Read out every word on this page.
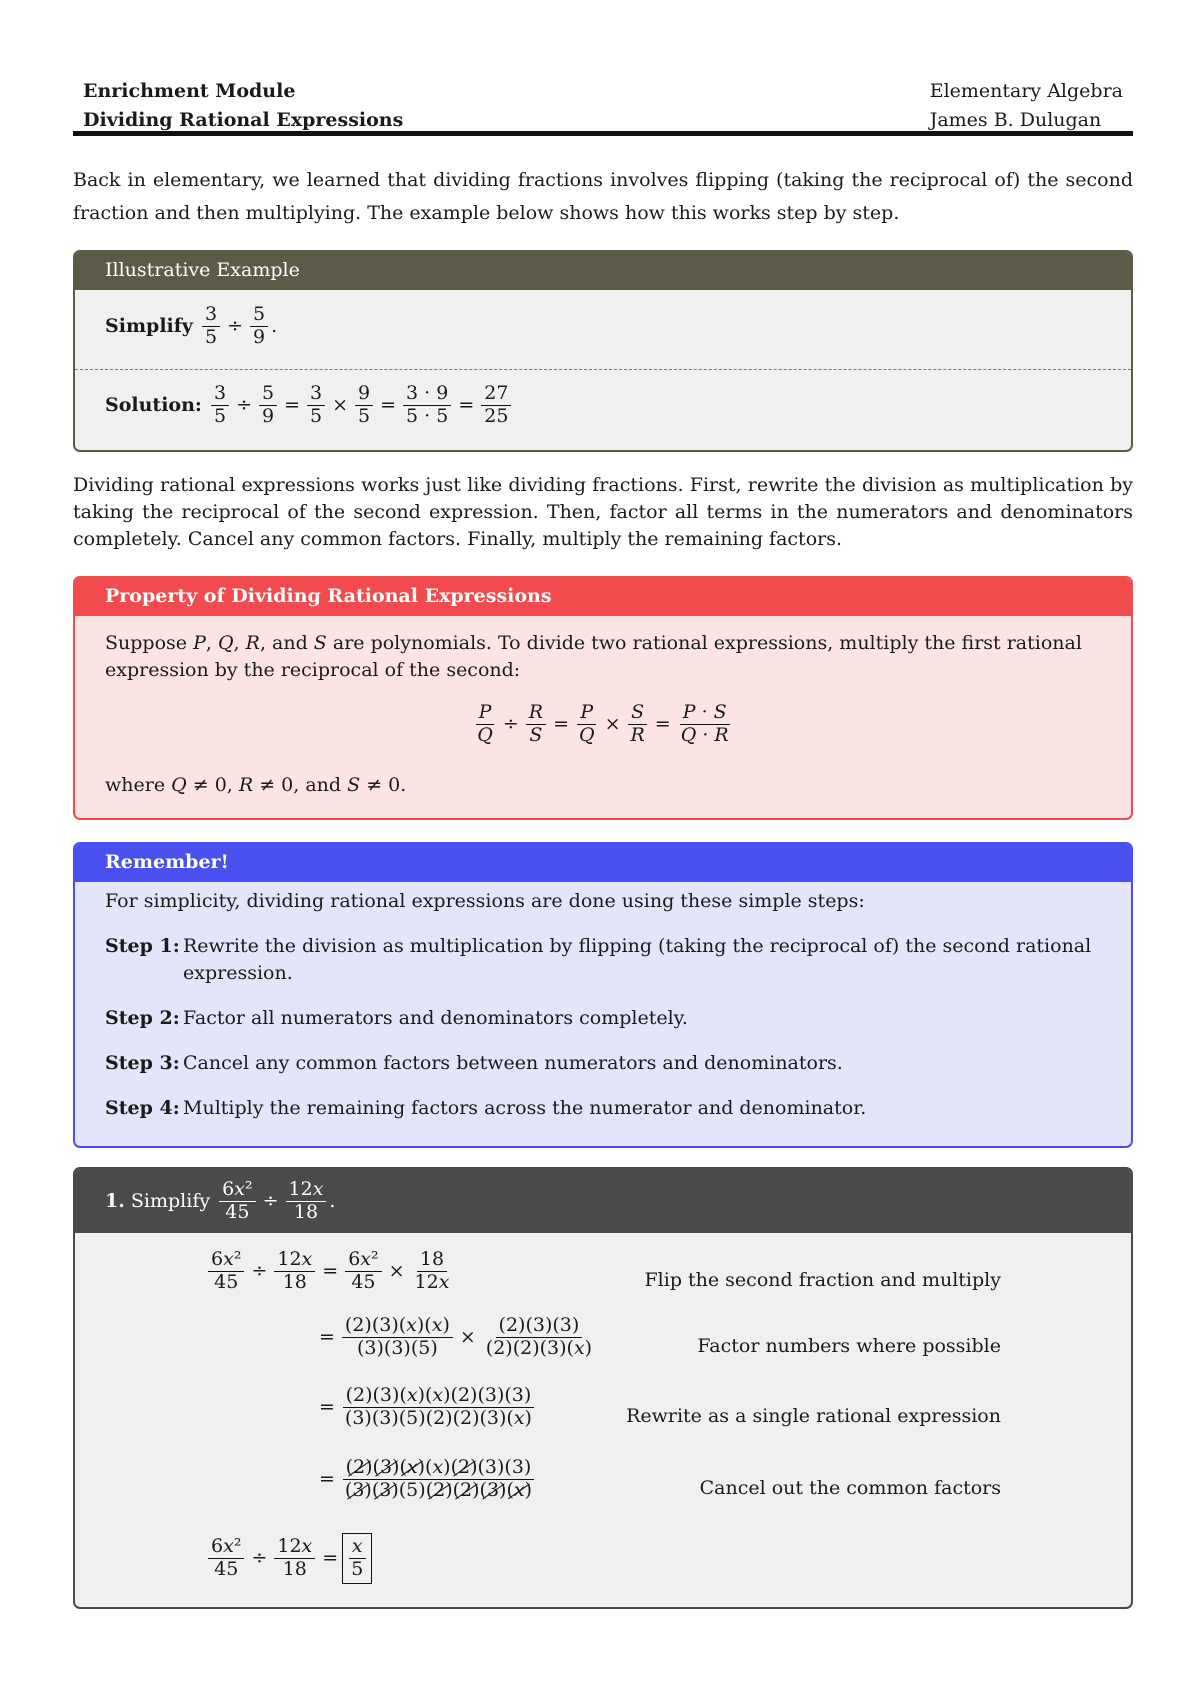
Enrichment Module
Dividing Rational Expressions
Elementary Algebra
James B. Dulugan
Back in elementary, we learned that dividing fractions involves flipping (taking the reciprocal of) the second fraction and then multiplying. The example below shows how this works step by step.
Illustrative Example
Simplify
$\frac{3}{5} \div \frac{5}{9}$ .
Solution:
$\frac{3}{5} \div \frac{5}{9} = \frac{3}{5} \times \frac{9}{5} = \frac{3 \cdot 9}{5 \cdot 5} = \frac{27}{25}$
Dividing rational expressions works just like dividing fractions. First, rewrite the division as multiplication by taking the reciprocal of the second expression. Then, factor all terms in the numerators and denominators completely. Cancel any common factors. Finally, multiply the remaining factors.
Property of Dividing Rational Expressions
Suppose P, Q, R, and S are polynomials. To divide two rational expressions, multiply the first rational expression by the reciprocal of the second:
$\frac{P}{Q} \div \frac{R}{S} = \frac{P}{Q} \times \frac{S}{R} = \frac{P \cdot S}{Q \cdot R}$
where Q ≠ 0, R ≠ 0, and S ≠ 0.
Remember!
For simplicity, dividing rational expressions are done using these simple steps:
Step 1: Rewrite the division as multiplication by flipping (taking the reciprocal of) the second rational expression.
Step 2: Factor all numerators and denominators completely.
Step 3: Cancel any common factors between numerators and denominators.
Step 4: Multiply the remaining factors across the numerator and denominator.
1.
Simplify
$\frac{\text{6x²}}{45} \div \frac{12x}{18}$ .
$\frac{\text{6x²}}{45} \div \frac{12x}{18} = \frac{\text{6x²}}{45} \times \frac{18}{12x}$	Flip the second fraction and multiply
= $\frac{(2)(3)(x)(x)}{(3)(3)(5)} \times \frac{(2)(3)(3)}{(2)(2)(3)(x)}$	Factor numbers where possible
= $\frac{(2)(3)(x)(x)(2)(3)(3)}{(3)(3)(5)(2)(2)(3)(x)}$	Rewrite as a single rational expression
= $\frac{(2)(3)(x)(x)(2)(3)(3)}{(3)(3)(5)(2)(2)(3)(x)}$	Cancel out the common factors
$\frac{\text{6x²}}{45} \div \frac{12x}{18} = \frac{x}{5}$
